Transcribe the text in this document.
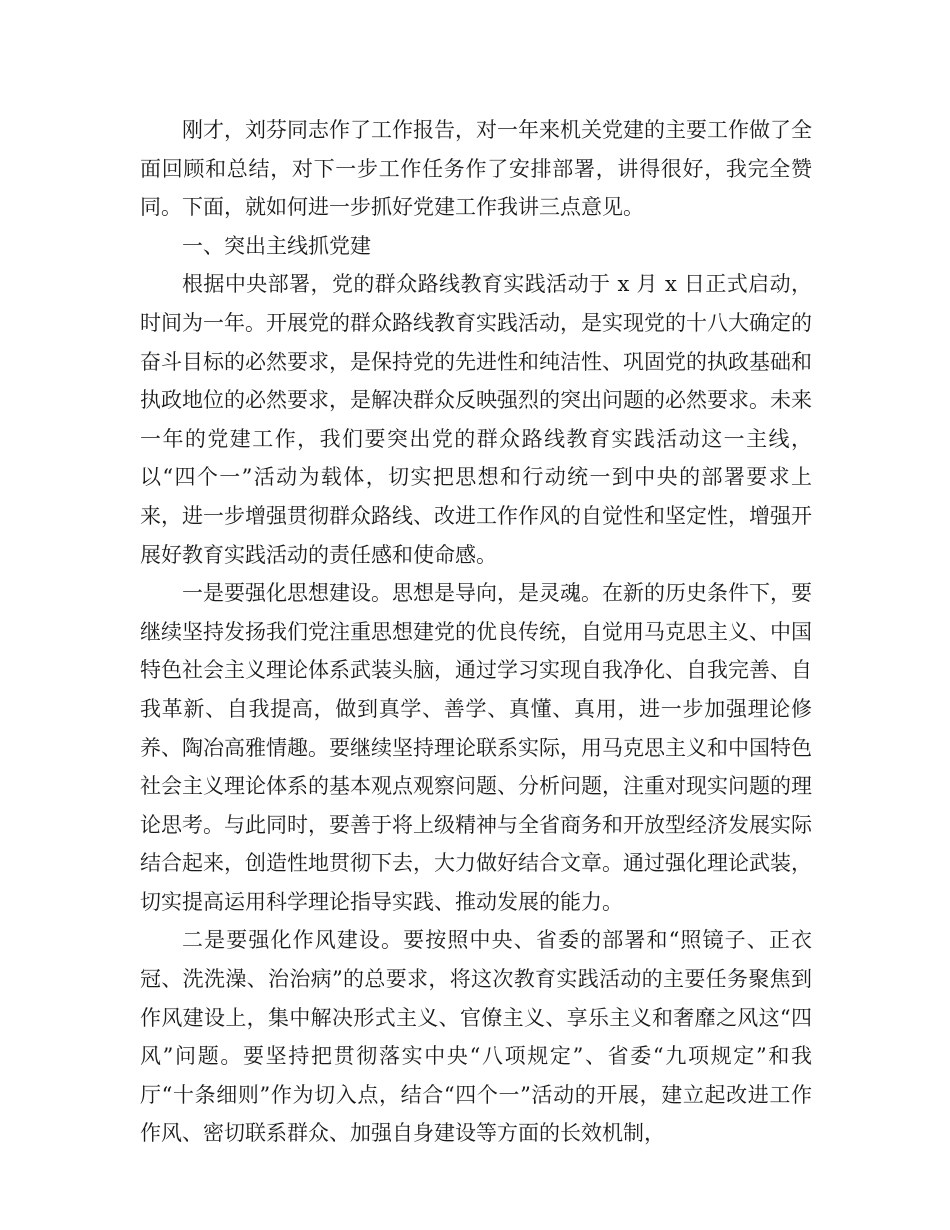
刚才，刘芬同志作了工作报告，对一年来机关党建的主要工作做了全面回顾和总结，对下一步工作任务作了安排部署，讲得很好，我完全赞同。下面，就如何进一步抓好党建工作我讲三点意见。

一、突出主线抓党建

根据中央部署，党的群众路线教育实践活动于 x 月 x 日正式启动，时间为一年。开展党的群众路线教育实践活动，是实现党的十八大确定的奋斗目标的必然要求，是保持党的先进性和纯洁性、巩固党的执政基础和执政地位的必然要求，是解决群众反映强烈的突出问题的必然要求。未来一年的党建工作，我们要突出党的群众路线教育实践活动这一主线，以“四个一”活动为载体，切实把思想和行动统一到中央的部署要求上来，进一步增强贯彻群众路线、改进工作作风的自觉性和坚定性，增强开展好教育实践活动的责任感和使命感。

一是要强化思想建设。思想是导向，是灵魂。在新的历史条件下，要继续坚持发扬我们党注重思想建党的优良传统，自觉用马克思主义、中国特色社会主义理论体系武装头脑，通过学习实现自我净化、自我完善、自我革新、自我提高，做到真学、善学、真懂、真用，进一步加强理论修养、陶冶高雅情趣。要继续坚持理论联系实际，用马克思主义和中国特色社会主义理论体系的基本观点观察问题、分析问题，注重对现实问题的理论思考。与此同时，要善于将上级精神与全省商务和开放型经济发展实际结合起来，创造性地贯彻下去，大力做好结合文章。通过强化理论武装，切实提高运用科学理论指导实践、推动发展的能力。

二是要强化作风建设。要按照中央、省委的部署和“照镜子、正衣冠、洗洗澡、治治病”的总要求，将这次教育实践活动的主要任务聚焦到作风建设上，集中解决形式主义、官僚主义、享乐主义和奢靡之风这“四风”问题。要坚持把贯彻落实中央“八项规定”、省委“九项规定”和我厅“十条细则”作为切入点，结合“四个一”活动的开展，建立起改进工作作风、密切联系群众、加强自身建设等方面的长效机制，
